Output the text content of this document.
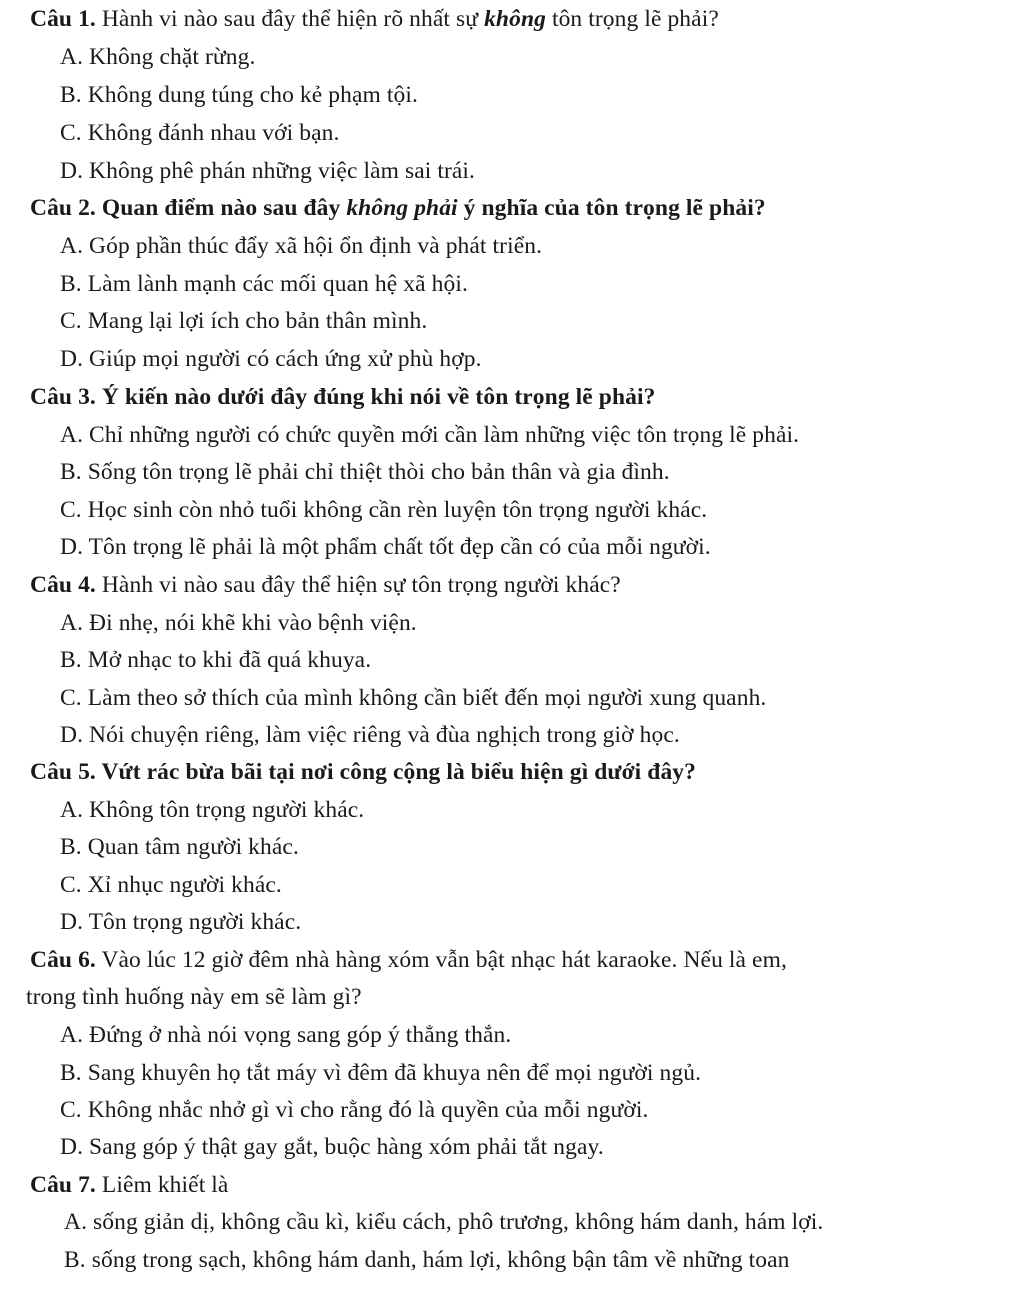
Câu 1. Hành vi nào sau đây thể hiện rõ nhất sự không tôn trọng lẽ phải?
A. Không chặt rừng.
B. Không dung túng cho kẻ phạm tội.
C. Không đánh nhau với bạn.
D. Không phê phán những việc làm sai trái.
Câu 2. Quan điểm nào sau đây không phải ý nghĩa của tôn trọng lẽ phải?
A. Góp phần thúc đẩy xã hội ổn định và phát triển.
B. Làm lành mạnh các mối quan hệ xã hội.
C. Mang lại lợi ích cho bản thân mình.
D. Giúp mọi người có cách ứng xử phù hợp.
Câu 3. Ý kiến nào dưới đây đúng khi nói về tôn trọng lẽ phải?
A. Chỉ những người có chức quyền mới cần làm những việc tôn trọng lẽ phải.
B. Sống tôn trọng lẽ phải chỉ thiệt thòi cho bản thân và gia đình.
C. Học sinh còn nhỏ tuổi không cần rèn luyện tôn trọng người khác.
D. Tôn trọng lẽ phải là một phẩm chất tốt đẹp cần có của mỗi người.
Câu 4. Hành vi nào sau đây thể hiện sự tôn trọng người khác?
A. Đi nhẹ, nói khẽ khi vào bệnh viện.
B. Mở nhạc to khi đã quá khuya.
C. Làm theo sở thích của mình không cần biết đến mọi người xung quanh.
D. Nói chuyện riêng, làm việc riêng và đùa nghịch trong giờ học.
Câu 5. Vứt rác bừa bãi tại nơi công cộng là biểu hiện gì dưới đây?
A. Không tôn trọng người khác.
B. Quan tâm người khác.
C. Xỉ nhục người khác.
D. Tôn trọng người khác.
Câu 6. Vào lúc 12 giờ đêm nhà hàng xóm vẫn bật nhạc hát karaoke. Nếu là em,
trong tình huống này em sẽ làm gì?
A. Đứng ở nhà nói vọng sang góp ý thẳng thắn.
B. Sang khuyên họ tắt máy vì đêm đã khuya nên để mọi người ngủ.
C. Không nhắc nhở gì vì cho rằng đó là quyền của mỗi người.
D. Sang góp ý thật gay gắt, buộc hàng xóm phải tắt ngay.
Câu 7. Liêm khiết là
A. sống giản dị, không cầu kì, kiểu cách, phô trương, không hám danh, hám lợi.
B. sống trong sạch, không hám danh, hám lợi, không bận tâm về những toan
